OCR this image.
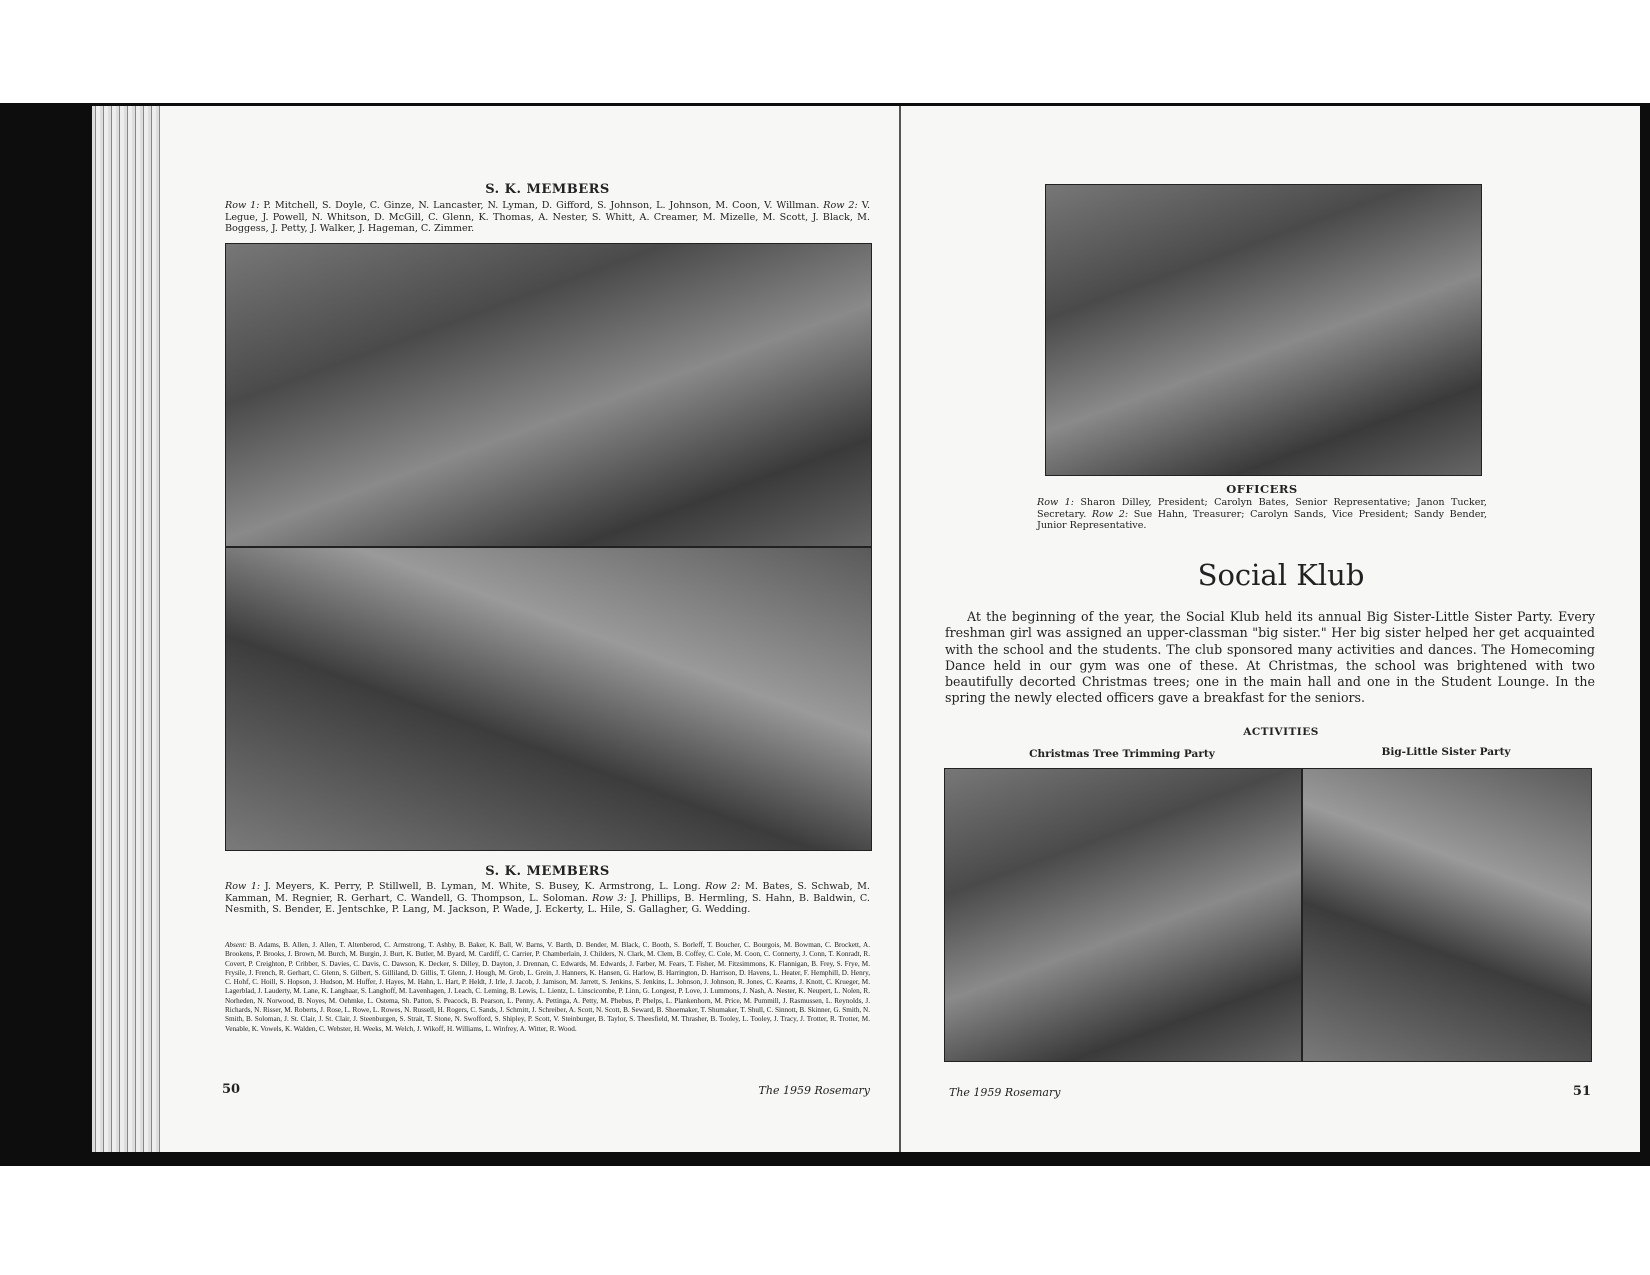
S. K. MEMBERS
Row 1: P. Mitchell, S. Doyle, C. Ginze, N. Lancaster, N. Lyman, D. Gifford, S. Johnson, L. Johnson, M. Coon, V. Willman. Row 2: V. Legue, J. Powell, N. Whitson, D. McGill, C. Glenn, K. Thomas, A. Nester, S. Whitt, A. Creamer, M. Mizelle, M. Scott, J. Black, M. Boggess, J. Petty, J. Walker, J. Hageman, C. Zimmer.
S. K. MEMBERS
Row 1: J. Meyers, K. Perry, P. Stillwell, B. Lyman, M. White, S. Busey, K. Armstrong, L. Long. Row 2: M. Bates, S. Schwab, M. Kamman, M. Regnier, R. Gerhart, C. Wandell, G. Thompson, L. Soloman. Row 3: J. Phillips, B. Hermling, S. Hahn, B. Baldwin, C. Nesmith, S. Bender, E. Jentschke, P. Lang, M. Jackson, P. Wade, J. Eckerty, L. Hile, S. Gallagher, G. Wedding.
Absent: B. Adams, B. Allen, J. Allen, T. Altenberod, C. Armstrong, T. Ashby, B. Baker, K. Ball, W. Barns, V. Barth, D. Bender, M. Black, C. Booth, S. Borleff, T. Boucher, C. Bourgois, M. Bowman, C. Brockett, A. Brookens, P. Brooks, J. Brown, M. Burch, M. Burgin, J. Burt, K. Butler, M. Byard, M. Cardiff, C. Carrier, P. Chamberlain, J. Childers, N. Clark, M. Clem, B. Coffey, C. Cole, M. Coon, C. Connerty, J. Conn, T. Konradt, R. Covert, P. Creighton, P. Cribber, S. Davies, C. Davis, C. Dawson, K. Decker, S. Dilley, D. Dayton, J. Drennan, C. Edwards, M. Edwards, J. Farber, M. Fears, T. Fisher, M. Fitzsimmons, K. Flannigan, B. Frey, S. Frye, M. Frysile, J. French, R. Gerhart, C. Glenn, S. Gilbert, S. Gilliland, D. Gillis, T. Glenn, J. Hough, M. Grob, L. Grein, J. Hanners, K. Hansen, G. Harlow, B. Harrington, D. Harrison, D. Havens, L. Heater, F. Hemphill, D. Henry, C. Hohf, C. Hoill, S. Hopson, J. Hudson, M. Huffer, J. Hayes, M. Hahn, L. Hart, P. Heldt, J. Irle, J. Jacob, J. Jamison, M. Jarrett, S. Jenkins, S. Jenkins, L. Johnson, J. Johnson, R. Jones, C. Kearns, J. Knott, C. Krueger, M. Lagerblad, J. Lauderty, M. Lane, K. Langhaar, S. Langhoff, M. Lavenhagen, J. Leach, C. Leming, B. Lewis, L. Lientz, L. Linscicombe, P. Linn, G. Longest, P. Love, J. Lummons, J. Nash, A. Nester, K. Neupert, L. Nolen, R. Norheden, N. Norwood, B. Noyes, M. Oehmke, L. Ostema, Sh. Patton, S. Peacock, B. Pearson, L. Penny, A. Pettinga, A. Petty, M. Phebus, P. Phelps, L. Plankenhorn, M. Price, M. Pummill, J. Rasmussen, L. Reynolds, J. Richards, N. Risser, M. Roberts, J. Rose, L. Rowe, L. Rowes, N. Russell, H. Rogers, C. Sands, J. Schmitt, J. Schreiber, A. Scott, N. Scott, B. Seward, B. Shoemaker, T. Shumaker, T. Shull, C. Sinnott, B. Skinner, G. Smith, N. Smith, B. Soloman, J. St. Clair, J. St. Clair, J. Steenburgen, S. Strait, T. Stone, N. Swofford, S. Shipley, P. Scott, V. Steinburger, B. Taylor, S. Theesfield, M. Thrasher, B. Tooley, L. Tooley, J. Tracy, J. Trotter, R. Trotter, M. Venable, K. Vowels, K. Walden, C. Webster, H. Weeks, M. Welch, J. Wikoff, H. Williams, L. Winfrey, A. Witter, R. Wood.
50	The 1959 Rosemary
OFFICERS
Row 1: Sharon Dilley, President; Carolyn Bates, Senior Representative; Janon Tucker, Secretary. Row 2: Sue Hahn, Treasurer; Carolyn Sands, Vice President; Sandy Bender, Junior Representative.
Social Klub
At the beginning of the year, the Social Klub held its annual Big Sister-Little Sister Party. Every freshman girl was assigned an upper-classman "big sister." Her big sister helped her get acquainted with the school and the students. The club sponsored many activities and dances. The Homecoming Dance held in our gym was one of these. At Christmas, the school was brightened with two beautifully decorted Christmas trees; one in the main hall and one in the Student Lounge. In the spring the newly elected officers gave a breakfast for the seniors.
ACTIVITIES
Christmas Tree Trimming Party	Big-Little Sister Party
The 1959 Rosemary	51
